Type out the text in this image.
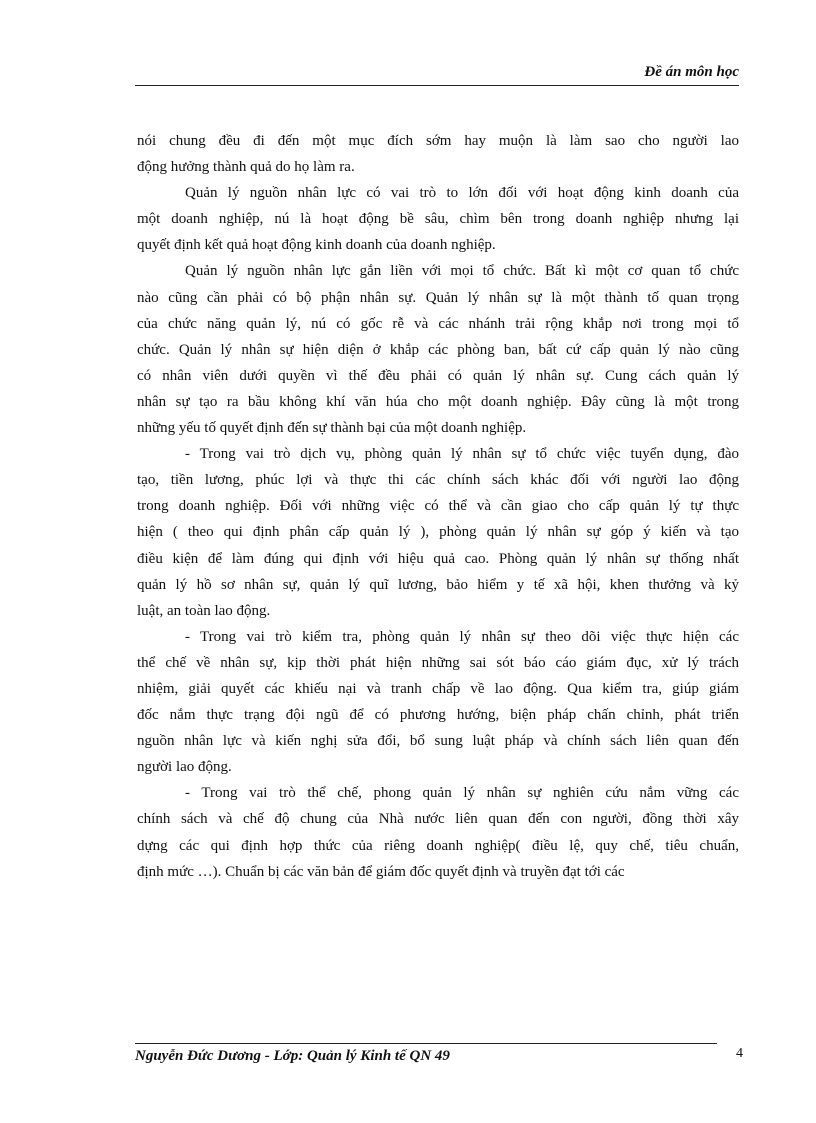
Đề án môn học

nói chung đều đi đến một mục đích sớm hay muộn là làm sao cho người lao

động hưởng thành quả do họ làm ra.

Quản lý nguồn nhân lực có vai trò to lớn đối với hoạt động kinh doanh của

một doanh nghiệp, nú là hoạt động bề sâu, chìm bên trong doanh nghiệp nhưng lại

quyết định kết quả hoạt động kinh doanh của doanh nghiệp.

Quản lý nguồn nhân lực gắn liền với mọi tổ chức. Bất kì một cơ quan tổ chức

nào cũng cần phải có bộ phận nhân sự. Quản lý nhân sự là một thành tố quan trọng

của chức năng quản lý, nú có gốc rễ và các nhánh trải rộng khắp nơi trong mọi tổ

chức. Quản lý nhân sự hiện diện ở khắp các phòng ban, bất cứ cấp quản lý nào cũng

có nhân viên dưới quyền vì thế đều phải có quản lý nhân sự. Cung cách quản lý

nhân sự tạo ra bầu không khí văn húa cho một doanh nghiệp. Đây cũng là một trong

những yếu tố quyết định đến sự thành bại của một doanh nghiệp.

- Trong vai trò dịch vụ, phòng quản lý nhân sự tổ chức việc tuyển dụng, đào

tạo, tiền lương, phúc lợi và thực thi các chính sách khác đối với người lao động

trong doanh nghiệp. Đối với những việc có thể và cần giao cho cấp quản lý tự thực

hiện ( theo qui định phân cấp quản lý ), phòng quản lý nhân sự góp ý kiến và tạo

điều kiện để làm đúng qui định với hiệu quả cao. Phòng quản lý nhân sự thống nhất

quản lý hồ sơ nhân sự, quản lý quĩ lương, bảo hiểm y tế xã hội, khen thưởng và kỷ

luật, an toàn lao động.

- Trong vai trò kiểm tra, phòng quản lý nhân sự theo dõi việc thực hiện các

thể chế về nhân sự, kịp thời phát hiện những sai sót báo cáo giám đục, xử lý trách

nhiệm, giải quyết các khiếu nại và tranh chấp về lao động. Qua kiểm tra, giúp giám

đốc nắm thực trạng đội ngũ để có phương hướng, biện pháp chấn chỉnh, phát triển

nguồn nhân lực và kiến nghị sửa đổi, bổ sung luật pháp và chính sách liên quan đến

người lao động.

- Trong vai trò thể chế, phong quản lý nhân sự nghiên cứu nắm vững các

chính sách và chế độ chung của Nhà nước liên quan đến con người, đồng thời xây

dựng các qui định hợp thức của riêng doanh nghiệp( điều lệ, quy chế, tiêu chuẩn,

định mức …). Chuẩn bị các văn bản để giám đốc quyết định và truyền đạt tới các

Nguyễn Đức Dương - Lớp: Quản lý Kinh tế QN 49	4
